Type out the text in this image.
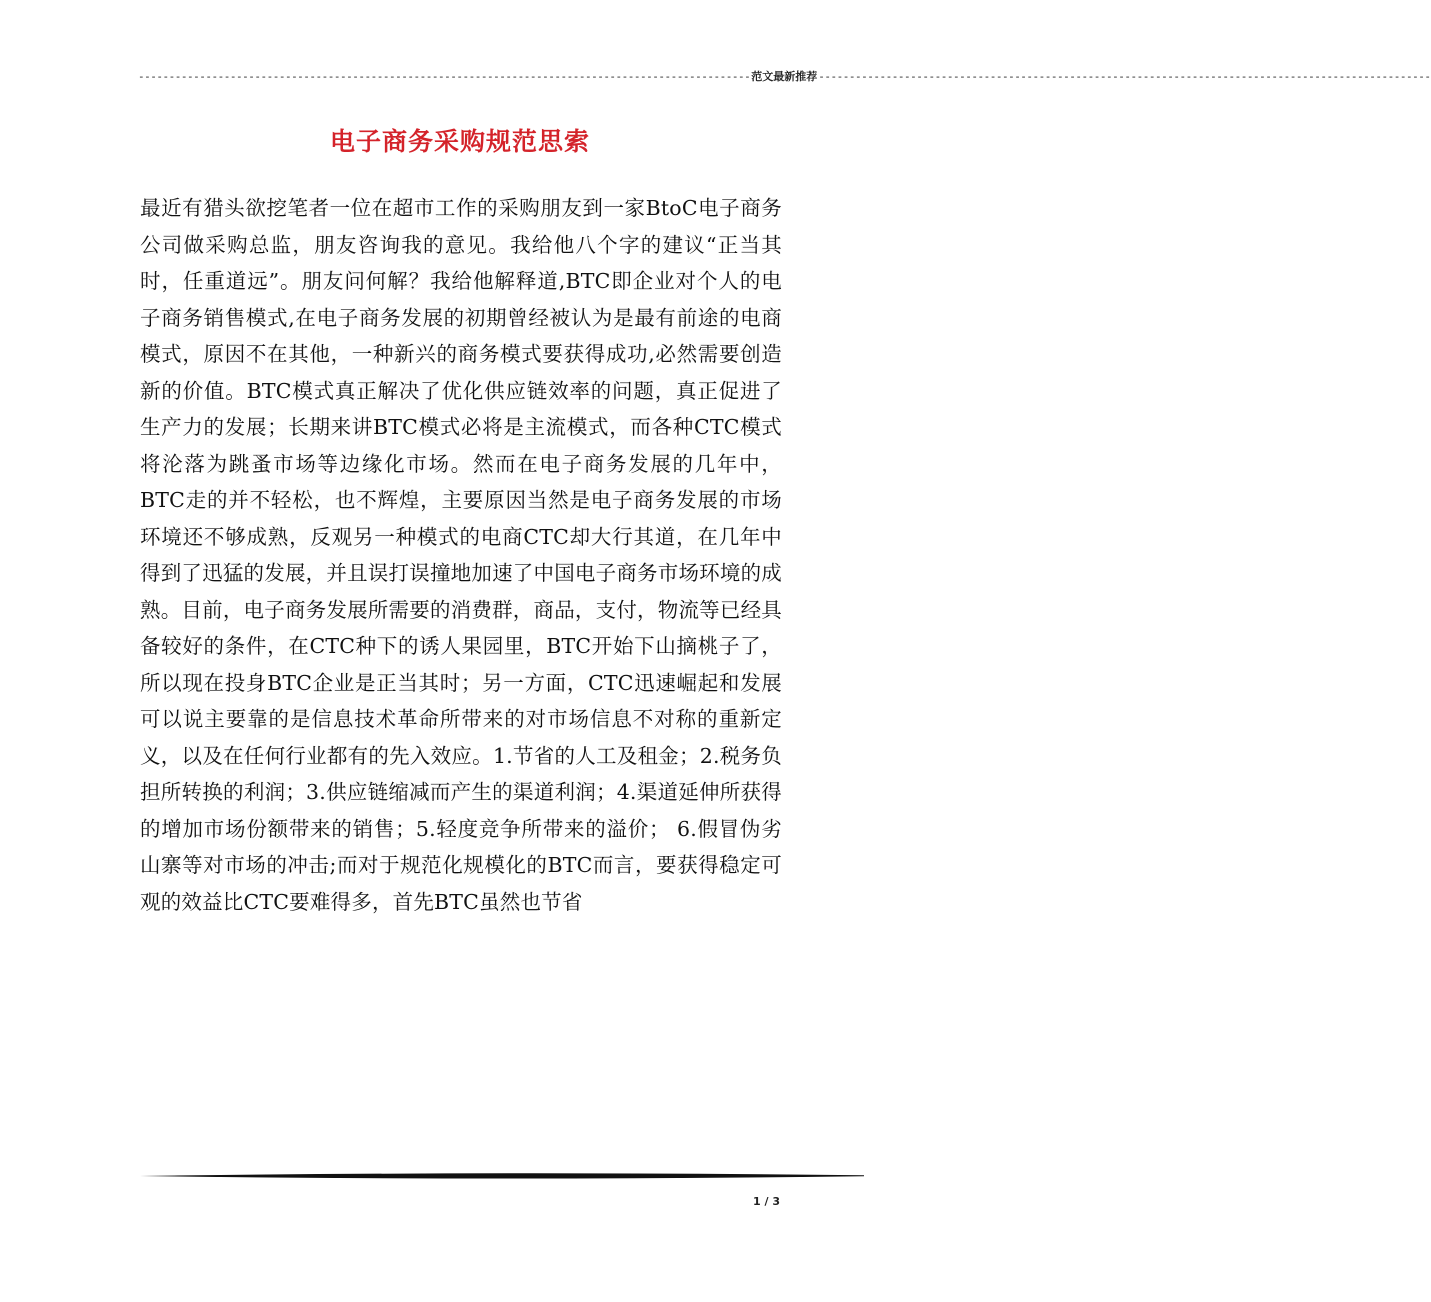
---------------------------------------------------------------------------------------------------- 范文最新推荐 ----------------------------------------------------------------------------------------------------
电子商务采购规范思索

最近有猎头欲挖笔者一位在超市工作的采购朋友到一家BtoC电子商务公司做采购总监，朋友咨询我的意见。我给他八个字的建议“正当其时，任重道远”。朋友问何解？我给他解释道,BTC即企业对个人的电子商务销售模式,在电子商务发展的初期曾经被认为是最有前途的电商模式，原因不在其他，一种新兴的商务模式要获得成功,必然需要创造新的价值。BTC模式真正解决了优化供应链效率的问题，真正促进了生产力的发展；长期来讲BTC模式必将是主流模式，而各种CTC模式将沦落为跳蚤市场等边缘化市场。然而在电子商务发展的几年中，BTC走的并不轻松，也不辉煌，主要原因当然是电子商务发展的市场环境还不够成熟，反观另一种模式的电商CTC却大行其道，在几年中得到了迅猛的发展，并且误打误撞地加速了中国电子商务市场环境的成熟。目前，电子商务发展所需要的消费群，商品，支付，物流等已经具备较好的条件，在CTC种下的诱人果园里，BTC开始下山摘桃子了，所以现在投身BTC企业是正当其时；另一方面，CTC迅速崛起和发展可以说主要靠的是信息技术革命所带来的对市场信息不对称的重新定义，以及在任何行业都有的先入效应。1.节省的人工及租金；2.税务负担所转换的利润；3.供应链缩减而产生的渠道利润；4.渠道延伸所获得的增加市场份额带来的销售；5.轻度竞争所带来的溢价； 6.假冒伪劣山寨等对市场的冲击;而对于规范化规模化的BTC而言，要获得稳定可观的效益比CTC要难得多，首先BTC虽然也节省

1 / 3
